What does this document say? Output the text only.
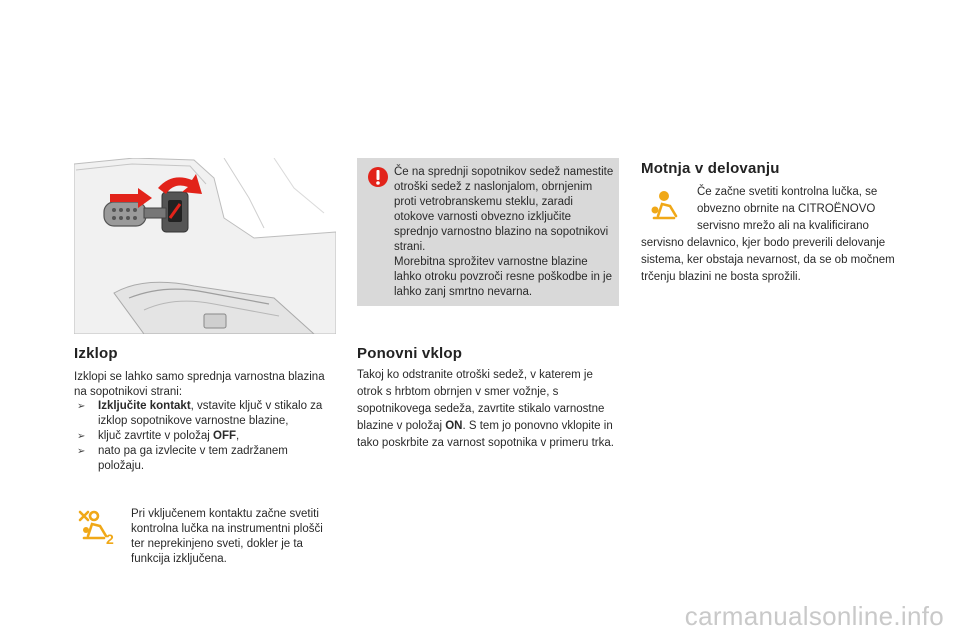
Izklop
Izklopi se lahko samo sprednja varnostna blazina na sopotnikovi strani:
➢ Izključite kontakt, vstavite ključ v stikalo za izklop sopotnikove varnostne blazine,
➢ ključ zavrtite v položaj OFF,
➢ nato pa ga izvlecite v tem zadržanem položaju.
2
Pri vključenem kontaktu začne svetiti kontrolna lučka na instrumentni plošči ter neprekinjeno sveti, dokler je ta funkcija izključena.
Če na sprednji sopotnikov sedež namestite otroški sedež z naslonjalom, obrnjenim proti vetrobranskemu steklu, zaradi otokove varnosti obvezno izključite sprednjo varnostno blazino na sopotnikovi strani.
Morebitna sprožitev varnostne blazine lahko otroku povzroči resne poškodbe in je lahko zanj smrtno nevarna.
Ponovni vklop
Takoj ko odstranite otroški sedež, v katerem je otrok s hrbtom obrnjen v smer vožnje, s sopotnikovega sedeža, zavrtite stikalo varnostne blazine v položaj ON. S tem jo ponovno vklopite in tako poskrbite za varnost sopotnika v primeru trka.
Motnja v delovanju
Če začne svetiti kontrolna lučka, se obvezno obrnite na CITROËNOVO servisno mrežo ali na kvalificirano
servisno delavnico, kjer bodo preverili delovanje sistema, ker obstaja nevarnost, da se ob močnem trčenju blazini ne bosta sprožili.
carmanualsonline.info
